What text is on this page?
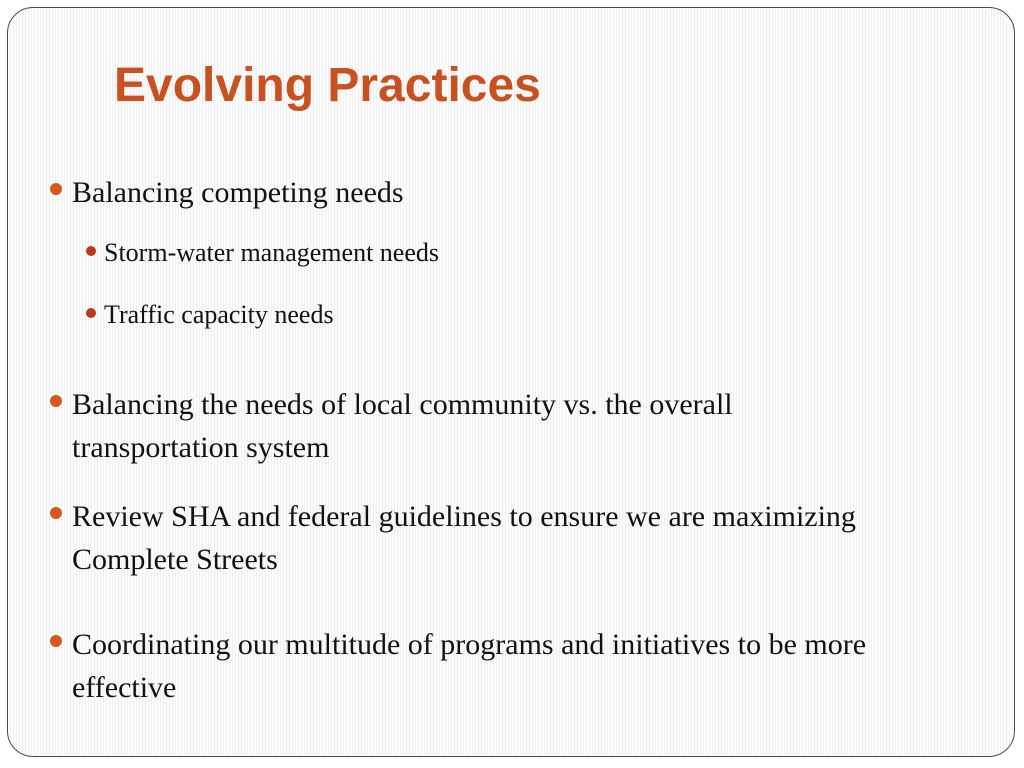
Evolving Practices
Balancing competing needs
Storm-water management needs
Traffic capacity needs
Balancing the needs of local community vs. the overall transportation system
Review SHA and federal guidelines to ensure we are maximizing Complete Streets
Coordinating our multitude of programs and initiatives to be more effective
